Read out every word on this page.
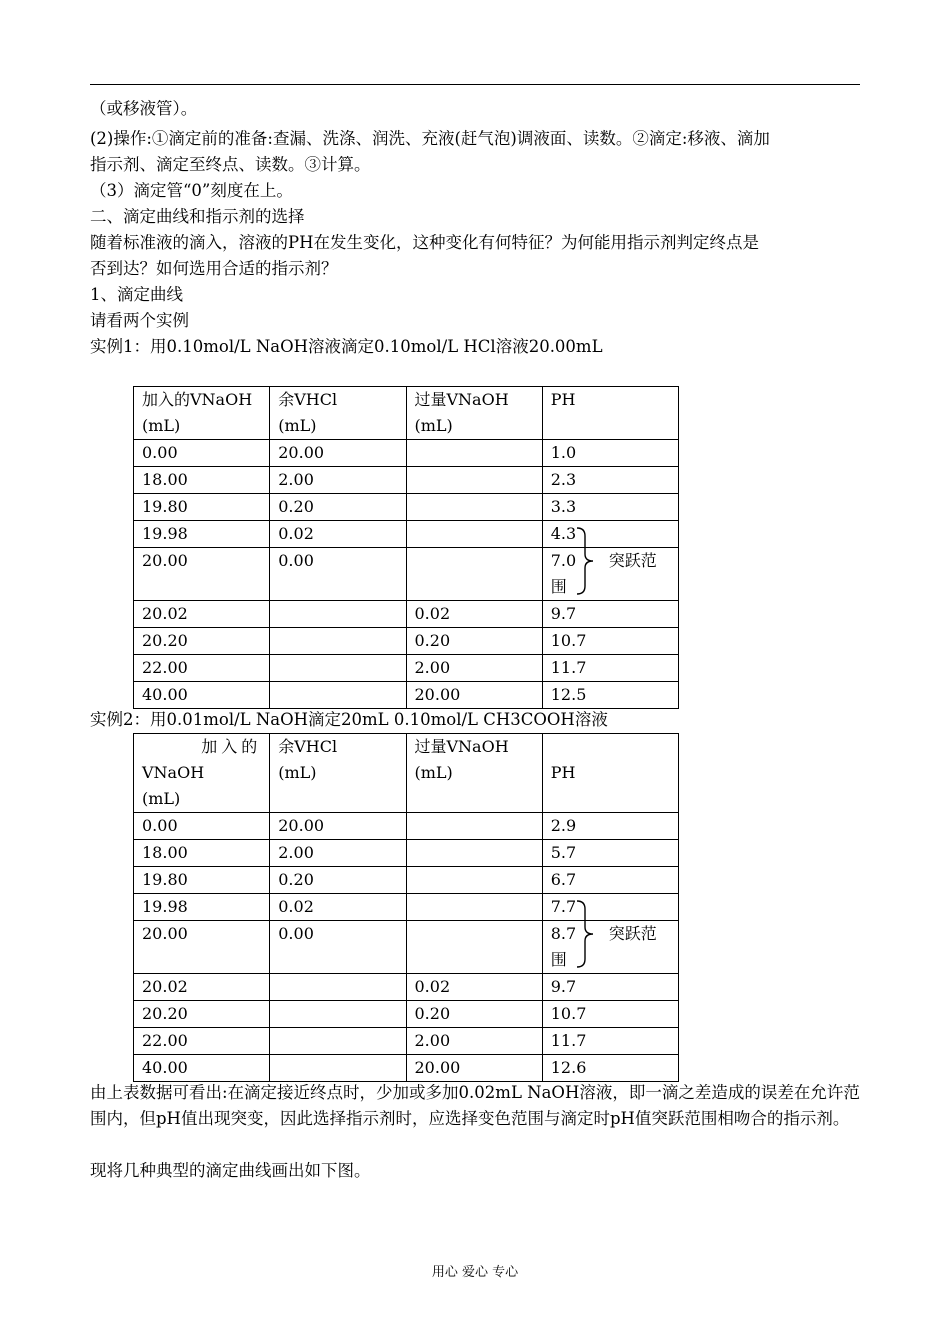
（或移液管）。
(2)操作:①滴定前的准备:查漏、洗涤、润洗、充液(赶气泡)调液面、读数。②滴定:移液、滴加
指示剂、滴定至终点、读数。③计算。
（3）滴定管“0”刻度在上。
二、滴定曲线和指示剂的选择
随着标准液的滴入，溶液的PH在发生变化，这种变化有何特征？为何能用指示剂判定终点是
否到达？如何选用合适的指示剂？
1、滴定曲线
请看两个实例
实例1：用0.10mol/L NaOH溶液滴定0.10mol/L HCl溶液20.00mL
加入的VNaOH
(mL)	余VHCl
(mL)	过量VNaOH
(mL)	PH

0.00	20.00		1.0
18.00	2.00		2.3
19.80	0.20		3.3
19.98	0.02		4.3
20.00	0.00		7.0 突跃范
围

20.02		0.02	9.7
20.20		0.20	10.7
22.00		2.00	11.7
40.00		20.00	12.5
实例2：用0.01mol/L NaOH滴定20mL 0.10mol/L CH3COOH溶液
加入的
VNaOH
(mL)	余VHCl
(mL)	过量VNaOH
(mL)	PH
0.00	20.00		2.9
18.00	2.00		5.7
19.80	0.20		6.7
19.98	0.02		7.7
20.00	0.00		8.7 突跃范
围

20.02		0.02	9.7
20.20		0.20	10.7
22.00		2.00	11.7
40.00		20.00	12.6
由上表数据可看出:在滴定接近终点时，少加或多加0.02mL NaOH溶液，即一滴之差造成的误差在允许范围内，但pH值出现突变，因此选择指示剂时，应选择变色范围与滴定时pH值突跃范围相吻合的指示剂。
现将几种典型的滴定曲线画出如下图。
用心 爱心 专心
